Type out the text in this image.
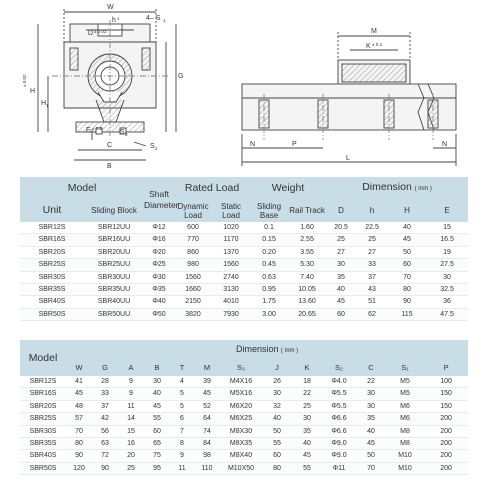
W
D ± 0.02
h 1	4– S 1
H
± 0.02
H 1
G
E ± 0.2
S 3
S 2
C
B
M
K ± 0.2
N	P	N
L
Model		Shaft Diameter	Rated Load		Weight		Dimension ( mm )			
Unit	Sliding Block		Dynamic Load	Static Load	Sliding Base	Rail Track	D	h	H	E
SBR12S	SBR12UU	Φ12	600	1020	0.1	1.60	20.5	22.5	40	15
SBR16S	SBR16UU	Φ16	770	1170	0.15	2.55	25	25	45	16.5
SBR20S	SBR20UU	Φ20	860	1370	0.20	3.55	27	27	50	19
SBR25S	SBR25UU	Φ25	980	1560	0.45	5.30	30	33	60	27.5
SBR30S	SBR30UU	Φ30	1560	2740	0.63	7.40	35	37	70	30
SBR35S	SBR35UU	Φ35	1660	3130	0.95	10.05	40	43	80	32.5
SBR40S	SBR40UU	Φ40	2150	4010	1.75	13.60	45	51	90	36
SBR50S	SBR50UU	Φ50	3820	7930	3.00	20.65	60	62	115	47.5
Model	Dimension ( mm )												
	W	G	A	B	T	M	S₃	J	K	S₂	C	S₁	P
SBR12S	41	28	9	30	4	39	M4X16	26	18	Φ4.0	22	M5	100
SBR16S	45	33	9	40	5	45	M5X16	30	22	Φ5.5	30	M5	150
SBR20S	48	37	11	45	5	52	M6X20	32	25	Φ5.5	30	M6	150
SBR25S	57	42	14	55	6	64	M6X25	40	30	Φ6.6	35	M6	200
SBR30S	70	56	15	60	7	74	M8X30	50	35	Φ6.6	40	M8	200
SBR35S	80	63	16	65	8	84	M8X35	55	40	Φ9.0	45	M8	200
SBR40S	90	72	20	75	9	98	M8X40	60	45	Φ9.0	50	M10	200
SBR50S	120	90	25	95	11	110	M10X50	80	55	Φ11	70	M10	200
